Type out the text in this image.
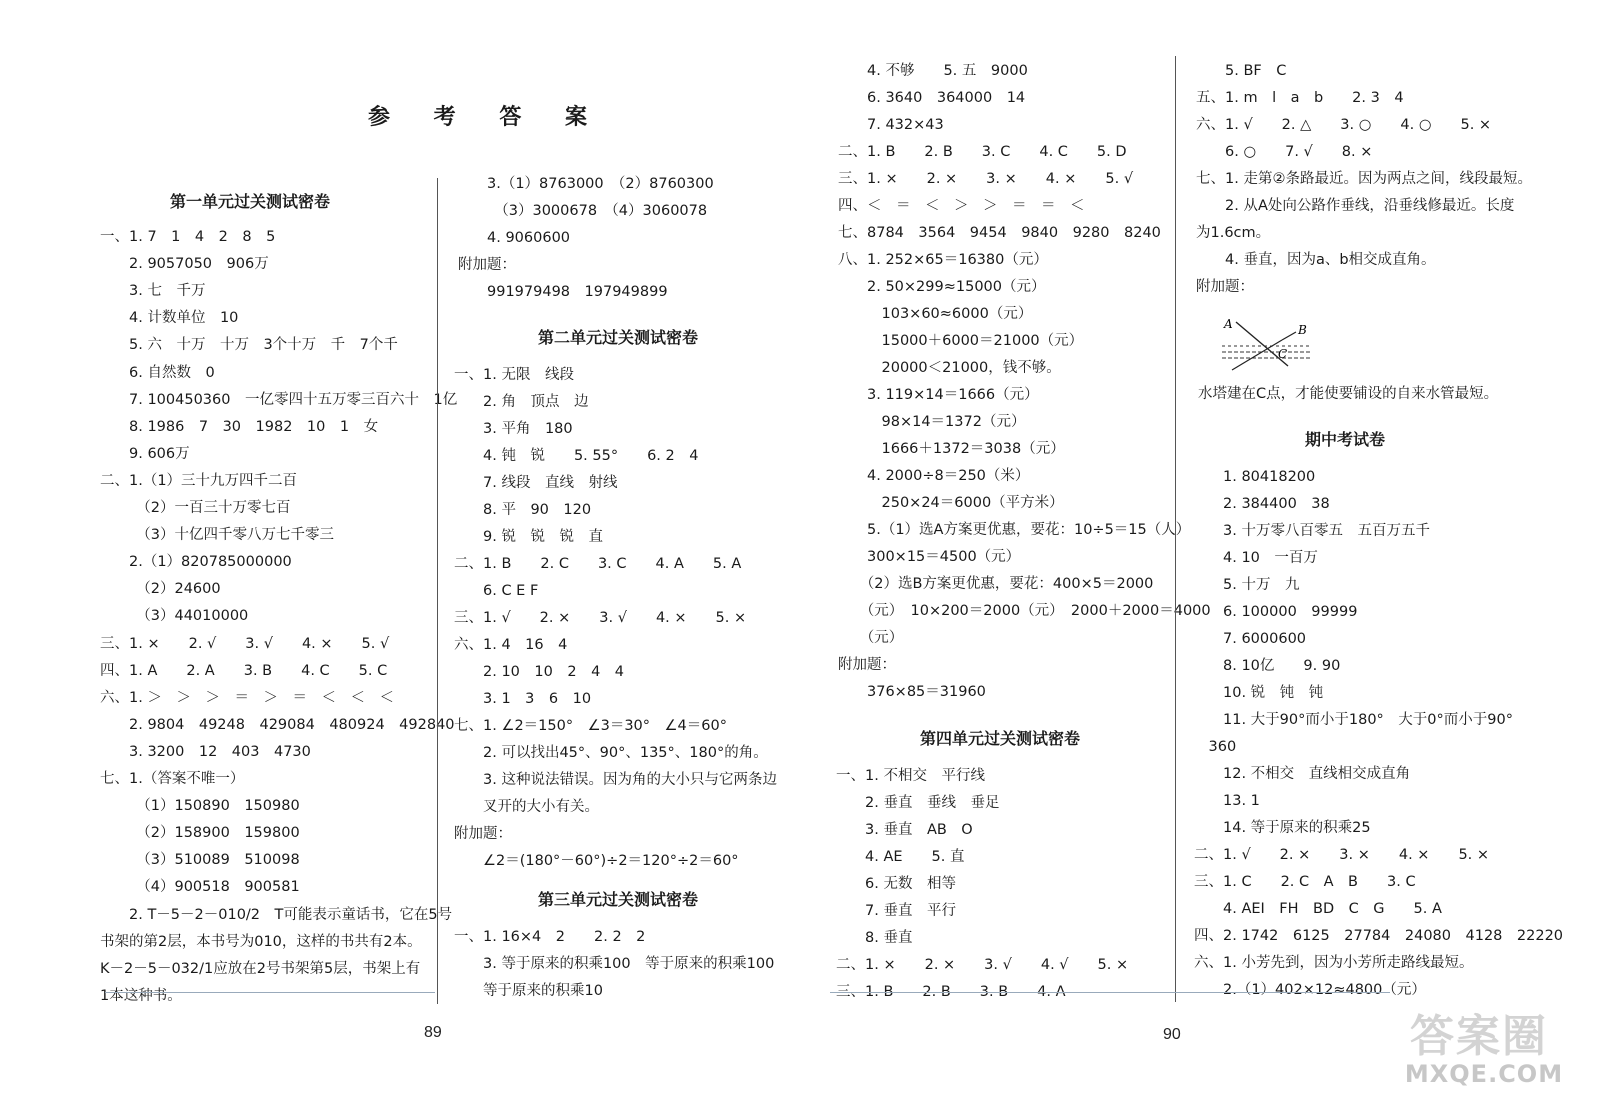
参 考 答 案
第一单元过关测试密卷
一、1. 7　1　4　2　8　5
　　2. 9057050　906万
　　3. 七　千万
　　4. 计数单位　10
　　5. 六　十万　十万　3个十万　千　7个千
　　6. 自然数　0
　　7. 100450360　一亿零四十五万零三百六十　1亿
　　8. 1986　7　30　1982　10　1　女
　　9. 606万
二、1.（1）三十九万四千二百
　　　（2）一百三十万零七百
　　　（3）十亿四千零八万七千零三
　　2.（1）820785000000
　　　（2）24600
　　　（3）44010000
三、1. ×　　2. √　　3. √　　4. ×　　5. √
四、1. A　　2. A　　3. B　　4. C　　5. C
六、1. ＞　＞　＞　＝　＞　＝　＜　＜　＜
　　2. 9804　49248　429084　480924　492840
　　3. 3200　12　403　4730
七、1.（答案不唯一）
　　　（1）150890　150980
　　　（2）158900　159800
　　　（3）510089　510098
　　　（4）900518　900581
　　2. T－5－2－010/2　T可能表示童话书，它在5号
书架的第2层，本书号为010，这样的书共有2本。
K－2－5－032/1应放在2号书架第5层，书架上有
1本这种书。
　　3.（1）8763000　（2）8760300
　　　（3）3000678　（4）3060078
　　4. 9060600
附加题：
　　991979498　197949899
第二单元过关测试密卷
一、1. 无限　线段
　　2. 角　顶点　边
　　3. 平角　180
　　4. 钝　锐　　5. 55°　　6. 2　4
　　7. 线段　直线　射线
　　8. 平　90　120
　　9. 锐　锐　锐　直
二、1. B　　2. C　　3. C　　4. A　　5. A
　　6. C E F
三、1. √　　2. ×　　3. √　　4. ×　　5. ×
六、1. 4　16　4
　　2. 10　10　2　4　4
　　3. 1　3　6　10
七、1. ∠2＝150°　∠3＝30°　∠4＝60°
　　2. 可以找出45°、90°、135°、180°的角。
　　3. 这种说法错误。因为角的大小只与它两条边
　　叉开的大小有关。
附加题：
　　∠2＝(180°－60°)÷2＝120°÷2＝60°
第三单元过关测试密卷
一、1. 16×4　2　　2. 2　2
　　3. 等于原来的积乘100　等于原来的积乘100
　　等于原来的积乘10
　　4. 不够　　5. 五　9000
　　6. 3640　364000　14
　　7. 432×43
二、1. B　　2. B　　3. C　　4. C　　5. D
三、1. ×　　2. ×　　3. ×　　4. ×　　5. √
四、＜　＝　＜　＞　＞　＝　＝　＜
七、8784　3564　9454　9840　9280　8240
八、1. 252×65＝16380（元）
　　2. 50×299≈15000（元）
　　　103×60≈6000（元）
　　　15000＋6000＝21000（元）
　　　20000＜21000，钱不够。
　　3. 119×14＝1666（元）
　　　98×14＝1372（元）
　　　1666＋1372＝3038（元）
　　4. 2000÷8＝250（米）
　　　250×24＝6000（平方米）
　　5.（1）选A方案更优惠，要花：10÷5＝15（人）
　　300×15＝4500（元）
　　（2）选B方案更优惠，要花：400×5＝2000
　　（元）　10×200＝2000（元）　2000＋2000＝4000
　　（元）
附加题：
　　376×85＝31960
第四单元过关测试密卷
一、1. 不相交　平行线
　　2. 垂直　垂线　垂足
　　3. 垂直　AB　O
　　4. AE　　5. 直
　　6. 无数　相等
　　7. 垂直　平行
　　8. 垂直
二、1. ×　　2. ×　　3. √　　4. √　　5. ×
三、1. B　　2. B　　3. B　　4. A
　　5. BF　C
五、1. m　l　a　b　　2. 3　4
六、1. √　　2. △　　3. ○　　4. ○　　5. ×
　　6. ○　　7. √　　8. ×
七、1. 走第②条路最近。因为两点之间，线段最短。
　　2. 从A处向公路作垂线，沿垂线修最近。长度
为1.6cm。
　　4. 垂直，因为a、b相交成直角。
附加题：
A	B
C
水塔建在C点，才能使要铺设的自来水管最短。
期中考试卷
　　1. 80418200
　　2. 384400　38
　　3. 十万零八百零五　五百万五千
　　4. 10　一百万
　　5. 十万　九
　　6. 100000　99999
　　7. 6000600
　　8. 10亿　　9. 90
　　10. 锐　钝　钝
　　11. 大于90°而小于180°　大于0°而小于90°
　360
　　12. 不相交　直线相交成直角
　　13. 1
　　14. 等于原来的积乘25
二、1. √　　2. ×　　3. ×　　4. ×　　5. ×
三、1. C　　2. C　A　B　　3. C
　　4. AEI　FH　BD　C　G　　5. A
四、2. 1742　6125　27784　24080　4128　22220
六、1. 小芳先到，因为小芳所走路线最短。
　　2.（1）402×12≈4800（元）
89	90	答案圈
MXQE.COM
